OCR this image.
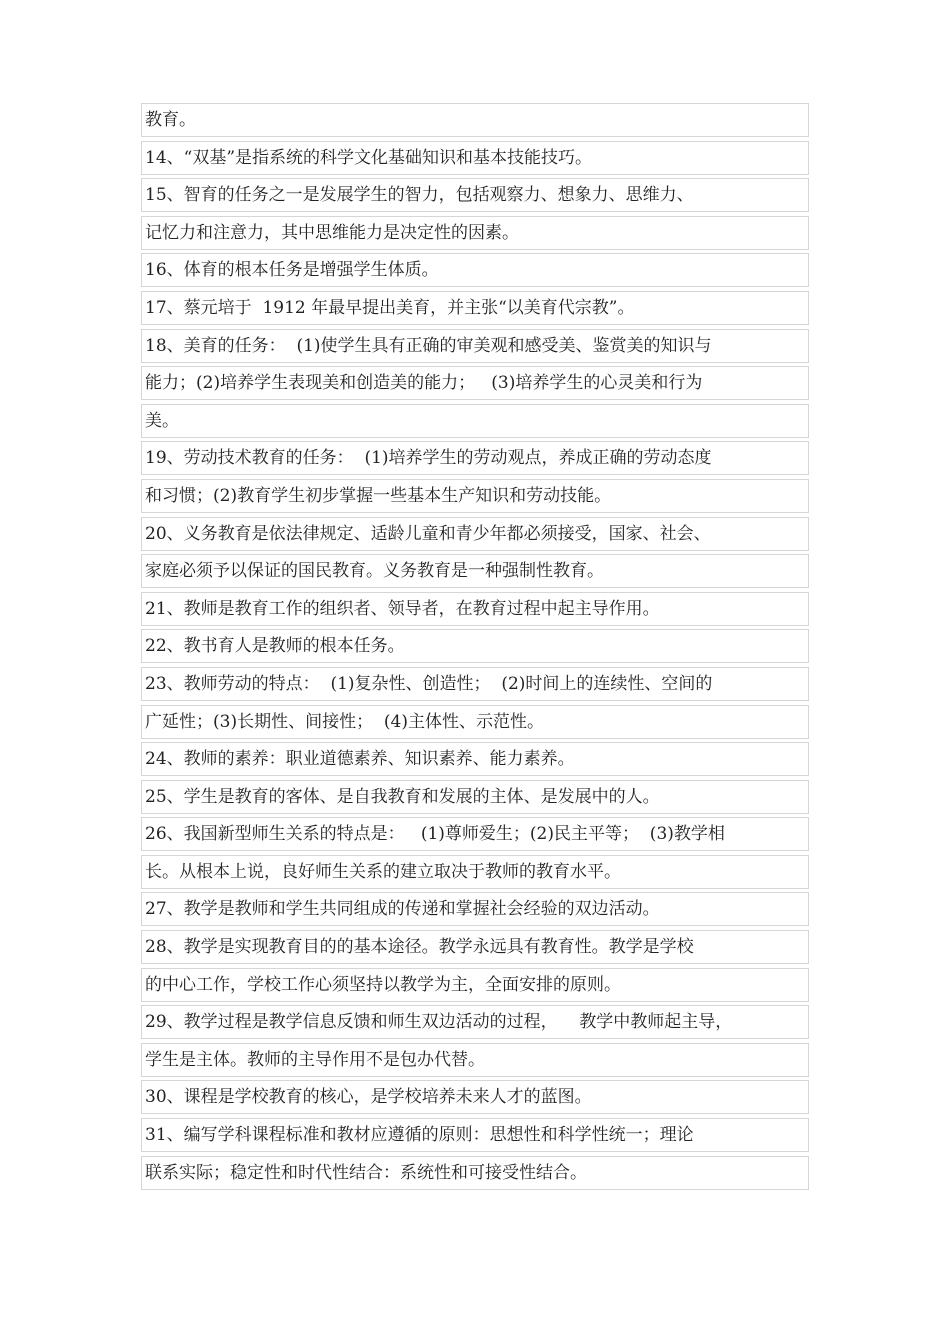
教育。
14、“双基”是指系统的科学文化基础知识和基本技能技巧。
15、智育的任务之一是发展学生的智力，包括观察力、想象力、思维力、
记忆力和注意力，其中思维能力是决定性的因素。
16、体育的根本任务是增强学生体质。
17、蔡元培于  1912 年最早提出美育，并主张“以美育代宗教”。
18、美育的任务：  (1)使学生具有正确的审美观和感受美、鉴赏美的知识与
能力；(2)培养学生表现美和创造美的能力；   (3)培养学生的心灵美和行为
美。
19、劳动技术教育的任务：  (1)培养学生的劳动观点，养成正确的劳动态度
和习惯；(2)教育学生初步掌握一些基本生产知识和劳动技能。
20、义务教育是依法律规定、适龄儿童和青少年都必须接受，国家、社会、
家庭必须予以保证的国民教育。义务教育是一种强制性教育。
21、教师是教育工作的组织者、领导者，在教育过程中起主导作用。
22、教书育人是教师的根本任务。
23、教师劳动的特点：  (1)复杂性、创造性；  (2)时间上的连续性、空间的
广延性；(3)长期性、间接性；  (4)主体性、示范性。
24、教师的素养：职业道德素养、知识素养、能力素养。
25、学生是教育的客体、是自我教育和发展的主体、是发展中的人。
26、我国新型师生关系的特点是：   (1)尊师爱生；(2)民主平等；  (3)教学相
长。从根本上说，良好师生关系的建立取决于教师的教育水平。
27、教学是教师和学生共同组成的传递和掌握社会经验的双边活动。
28、教学是实现教育目的的基本途径。教学永远具有教育性。教学是学校
的中心工作，学校工作心须坚持以教学为主，全面安排的原则。
29、教学过程是教学信息反馈和师生双边活动的过程，    教学中教师起主导，
学生是主体。教师的主导作用不是包办代替。
30、课程是学校教育的核心，是学校培养未来人才的蓝图。
31、编写学科课程标准和教材应遵循的原则：思想性和科学性统一；理论
联系实际；稳定性和时代性结合：系统性和可接受性结合。
